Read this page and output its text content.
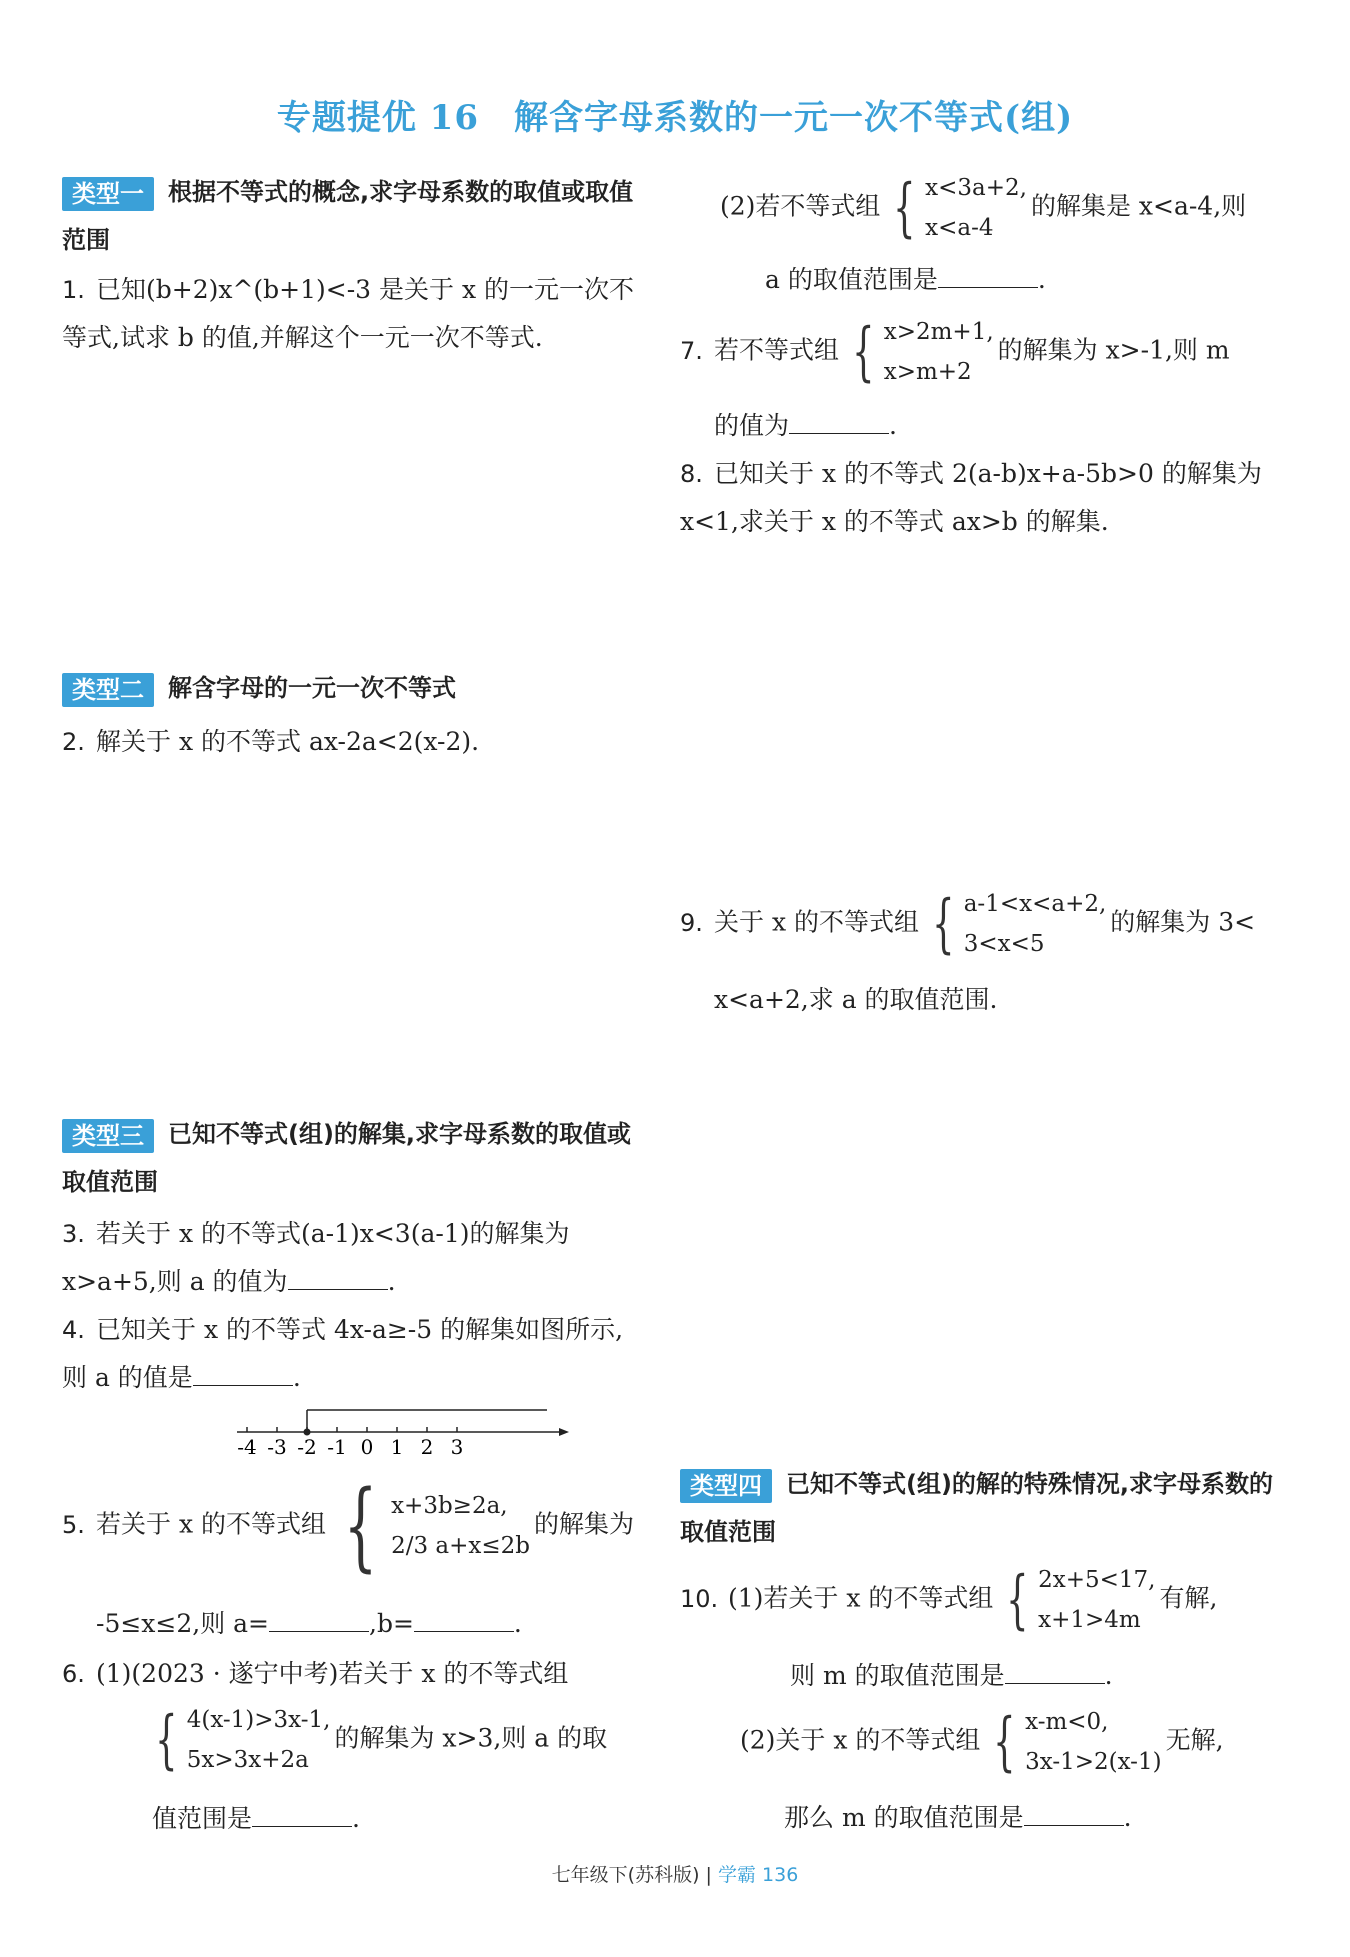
专题提优 16　解含字母系数的一元一次不等式(组)
类型一 根据不等式的概念,求字母系数的取值或取值范围
1. 已知(b+2)x^(b+1)<-3 是关于 x 的一元一次不等式,试求 b 的值,并解这个一元一次不等式.
类型二 解含字母的一元一次不等式
2. 解关于 x 的不等式 ax-2a<2(x-2).
类型三 已知不等式(组)的解集,求字母系数的取值或取值范围
3. 若关于 x 的不等式(a-1)x<3(a-1)的解集为 x>a+5,则 a 的值为	.
4. 已知关于 x 的不等式 4x-a≥-5 的解集如图所示,则 a 的值是	.
-4 -3 -2 -1 0 1 2 3
5. 若关于 x 的不等式组 { x+3b≥2a,
2/3 a+x≤2b
的解集为
-5≤x≤2,则 a=	,b=	.
6. (1)(2023 · 遂宁中考)若关于 x 的不等式组
{ 4(x-1)>3x-1,
5x>3x+2a
的解集为 x>3,则 a 的取
值范围是	.
(2)若不等式组 { x<3a+2,
x<a-4
的解集是 x<a-4,则
a 的取值范围是	.
7. 若不等式组 { x>2m+1,
x>m+2
的解集为 x>-1,则 m
的值为	.
8. 已知关于 x 的不等式 2(a-b)x+a-5b>0 的解集为 x<1,求关于 x 的不等式 ax>b 的解集.
9. 关于 x 的不等式组 { a-1<x<a+2,
3<x<5
的解集为 3<
x<a+2,求 a 的取值范围.
类型四 已知不等式(组)的解的特殊情况,求字母系数的取值范围
10. (1)若关于 x 的不等式组 { 2x+5<17,
x+1>4m
有解,
则 m 的取值范围是	.
(2)关于 x 的不等式组 { x-m<0,
3x-1>2(x-1)
无解,
那么 m 的取值范围是	.
七年级下(苏科版) | 学霸 136
